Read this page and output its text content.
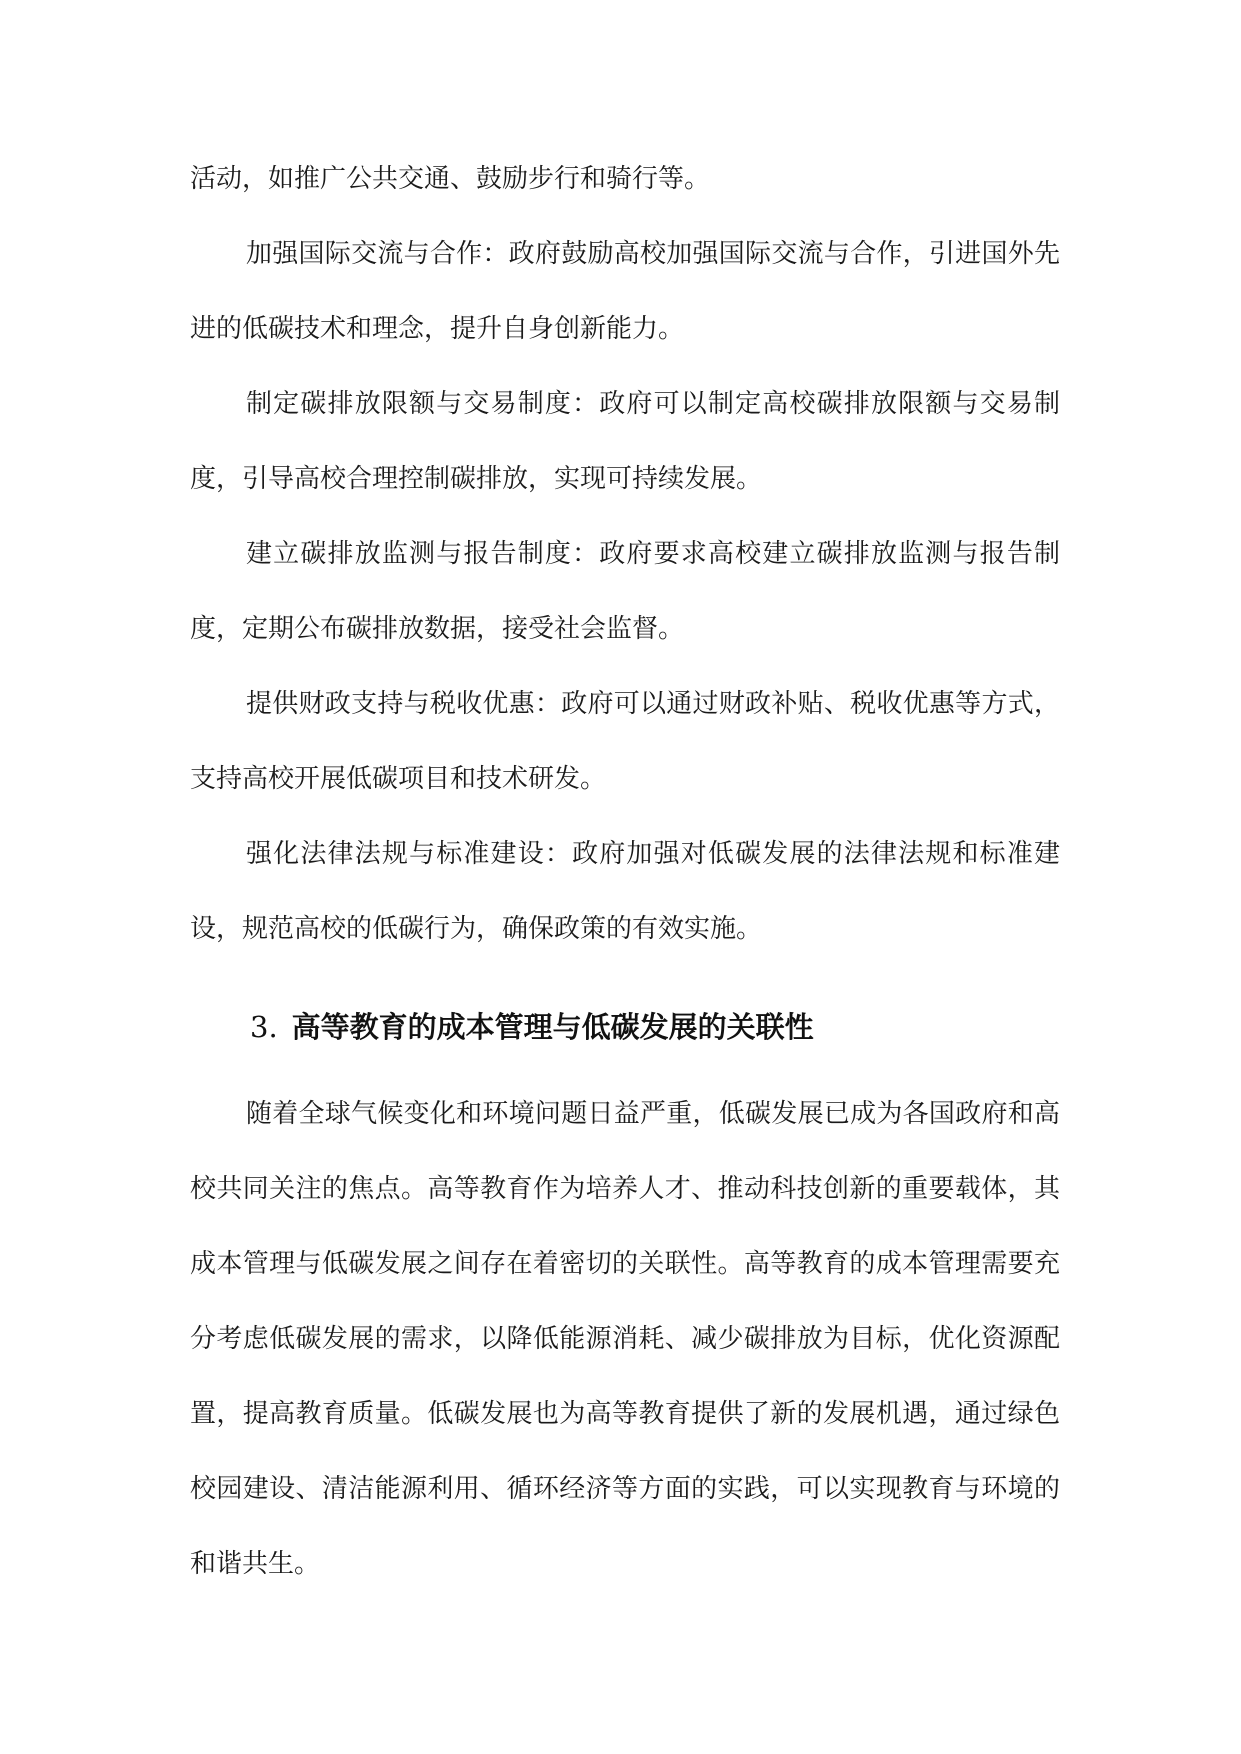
活动，如推广公共交通、鼓励步行和骑行等。

加强国际交流与合作：政府鼓励高校加强国际交流与合作，引进国外先进的低碳技术和理念，提升自身创新能力。

制定碳排放限额与交易制度：政府可以制定高校碳排放限额与交易制度，引导高校合理控制碳排放，实现可持续发展。

建立碳排放监测与报告制度：政府要求高校建立碳排放监测与报告制度，定期公布碳排放数据，接受社会监督。

提供财政支持与税收优惠：政府可以通过财政补贴、税收优惠等方式，支持高校开展低碳项目和技术研发。

强化法律法规与标准建设：政府加强对低碳发展的法律法规和标准建设，规范高校的低碳行为，确保政策的有效实施。

3. 高等教育的成本管理与低碳发展的关联性

随着全球气候变化和环境问题日益严重，低碳发展已成为各国政府和高校共同关注的焦点。高等教育作为培养人才、推动科技创新的重要载体，其成本管理与低碳发展之间存在着密切的关联性。高等教育的成本管理需要充分考虑低碳发展的需求，以降低能源消耗、减少碳排放为目标，优化资源配置，提高教育质量。低碳发展也为高等教育提供了新的发展机遇，通过绿色校园建设、清洁能源利用、循环经济等方面的实践，可以实现教育与环境的和谐共生。
